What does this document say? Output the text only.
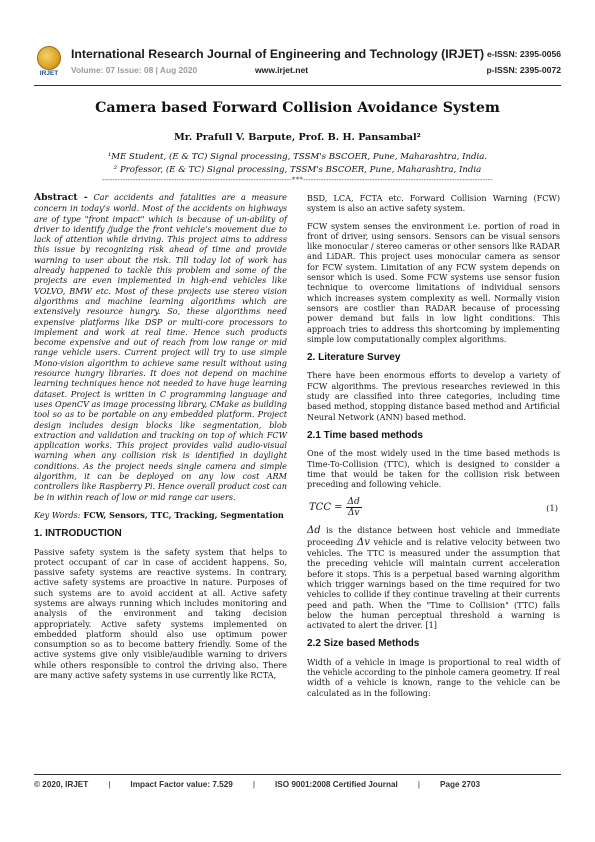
IRJET
International Research Journal of Engineering and Technology (IRJET)
Volume: 07 Issue: 08 | Aug 2020	www.irjet.net
e-ISSN: 2395-0056
p-ISSN: 2395-0072
Camera based Forward Collision Avoidance System
Mr. Prafull V. Barpute, Prof. B. H. Pansambal²
¹ME Student, (E & TC) Signal processing, TSSM's BSCOER, Pune, Maharashtra, India.
² Professor, (E & TC) Signal processing, TSSM's BSCOER, Pune, Maharashtra, India
--------------------------------------------------------------------------***--------------------------------------------------------------------------

Abstract - Car accidents and fatalities are a measure concern in today's world. Most of the accidents on highways are of type "front impact" which is because of un-ability of driver to identify /judge the front vehicle's movement due to lack of attention while driving. This project aims to address this issue by recognizing risk ahead of time and provide warning to user about the risk. Till today lot of work has already happened to tackle this problem and some of the projects are even implemented in high-end vehicles like VOLVO, BMW etc. Most of these projects use stereo vision algorithms and machine learning algorithms which are extensively resource hungry. So, these algorithms need expensive platforms like DSP or multi-core processors to implement and work at real time. Hence such products become expensive and out of reach from low range or mid range vehicle users. Current project will try to use simple Mono-vision algorithm to achieve same result without using resource hungry libraries. It does not depend on machine learning techniques hence not needed to have huge learning dataset. Project is written in C programming language and uses OpenCV as image processing library, CMake as building tool so as to be portable on any embedded platform. Project design includes design blocks like segmentation, blob extraction and validation and tracking on top of which FCW application works. This project provides valid audio-visual warning when any collision risk is identified in daylight conditions. As the project needs single camera and simple algorithm, it can be deployed on any low cost ARM controllers like Raspberry Pi. Hence overall product cost can be in within reach of low or mid range car users.

Key Words: FCW, Sensors, TTC, Tracking, Segmentation

1. INTRODUCTION

Passive safety system is the safety system that helps to protect occupant of car in case of accident happens. So, passive safety systems are reactive systems. In contrary, active safety systems are proactive in nature. Purposes of such systems are to avoid accident at all. Active safety systems are always running which includes monitoring and analysis of the environment and taking decision appropriately. Active safety systems implemented on embedded platform should also use optimum power consumption so as to become battery friendly. Some of the active systems give only visible/audible warning to drivers while others responsible to control the driving also. There are many active safety systems in use currently like RCTA,

BSD, LCA, FCTA etc. Forward Collision Warning (FCW) system is also an active safety system.

FCW system senses the environment i.e. portion of road in front of driver, using sensors. Sensors can be visual sensors like monocular / stereo cameras or other sensors like RADAR and LiDAR. This project uses monocular camera as sensor for FCW system. Limitation of any FCW system depends on sensor which is used. Some FCW systems use sensor fusion technique to overcome limitations of individual sensors which increases system complexity as well. Normally vision sensors are costlier than RADAR because of processing power demand but fails in low light conditions. This approach tries to address this shortcoming by implementing simple low computationally complex algorithms.

2. Literature Survey

There have been enormous efforts to develop a variety of FCW algorithms. The previous researches reviewed in this study are classified into three categories, including time based method, stopping distance based method and Artificial Neural Network (ANN) based method.

2.1 Time based methods

One of the most widely used in the time based methods is Time-To-Collision (TTC), which is designed to consider a time that would be taken for the collision risk between preceding and following vehicle.

TCC = $\frac{\Delta d}{\Delta v}$	(1)

Δd is the distance between host vehicle and immediate proceeding Δv vehicle and is relative velocity between two vehicles. The TTC is measured under the assumption that the preceding vehicle will maintain current acceleration before it stops. This is a perpetual based warning algorithm which trigger warnings based on the time required for two vehicles to collide if they continue traveling at their currents peed and path. When the "Time to Collision" (TTC) falls below the human perceptual threshold a warning is activated to alert the driver. [1]

2.2 Size based Methods

Width of a vehicle in image is proportional to real width of the vehicle according to the pinhole camera geometry. If real width of a vehicle is known, range to the vehicle can be calculated as in the following:

© 2020, IRJET	|	Impact Factor value: 7.529	|	ISO 9001:2008 Certified Journal	|	Page 2703
